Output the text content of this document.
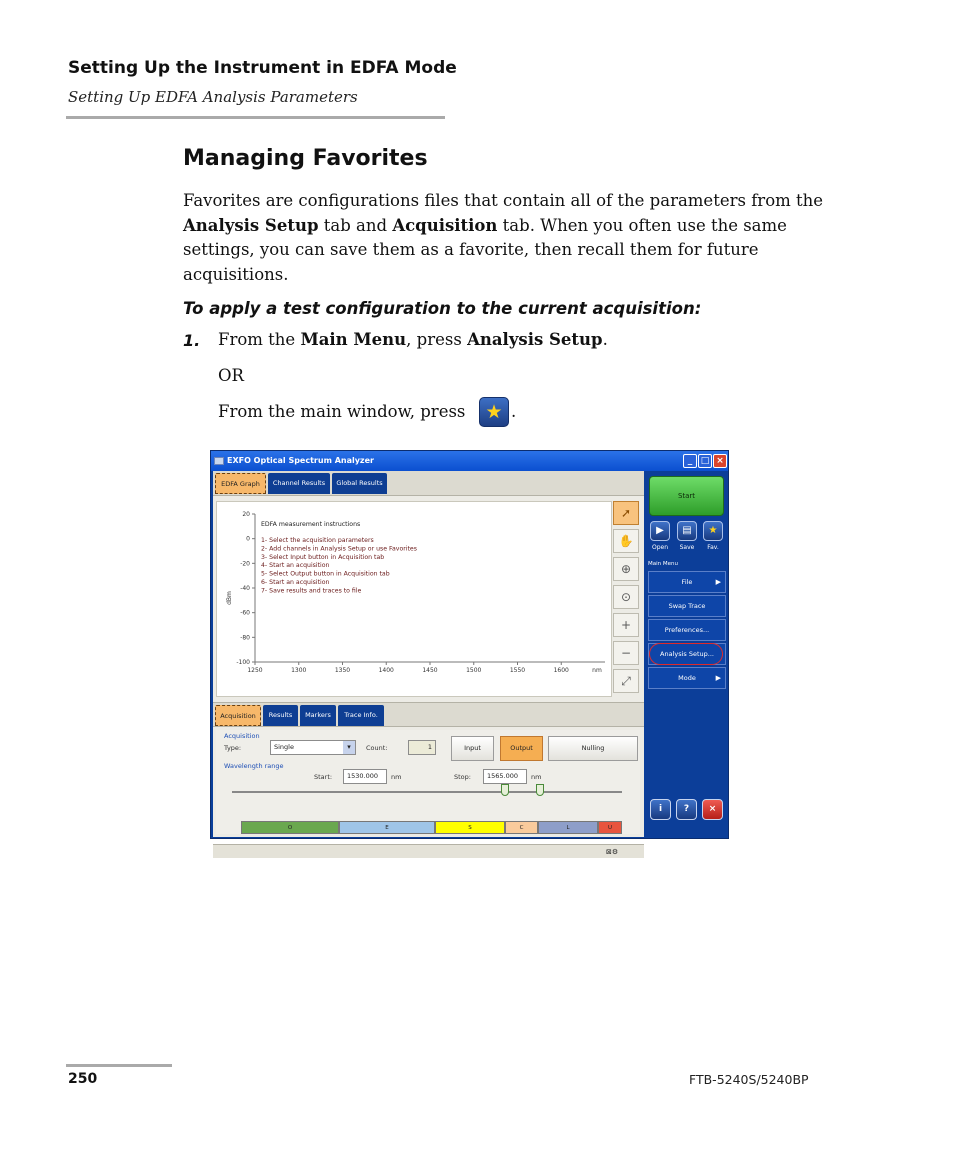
Setting Up the Instrument in EDFA Mode
Setting Up EDFA Analysis Parameters
Managing Favorites

Favorites are configurations files that contain all of the parameters from the Analysis Setup tab and Acquisition tab. When you often use the same settings, you can save them as a favorite, then recall them for future acquisitions.

To apply a test configuration to the current acquisition:
1. From the Main Menu, press Analysis Setup.
OR
From the main window, press	★ .
EXFO Optical Spectrum Analyzer	_ □ ×
EDFA Graph	Channel Results	Global Results
20
0
-20
-40
-60
-80
-100
1250	1300	1350	1400	1450	1500	1550	1600	nm
dBm
EDFA measurement instructions
1- Select the acquisition parameters
2- Add channels in Analysis Setup or use Favorites
3- Select Input button in Acquisition tab
4- Start an acquisition
5- Select Output button in Acquisition tab
6- Start an acquisition
7- Save results and traces to file
➚
✋
⊕
⊙
+
−
⤢
Acquisition	Results	Markers	Trace Info.
Acquisition
Type:	Single	▾	Count:	1	Input	Output	Nulling
Wavelength range
Start:	1530.000	nm	Stop:	1565.000	nm
O	E	S	C	L	U
⊠⚙
Start
▶	▤	★
Open	Save	Fav.
Main Menu
File	▶
Swap Trace
Preferences...
Analysis Setup...
Mode	▶
i	?	×
250	FTB-5240S/5240BP
